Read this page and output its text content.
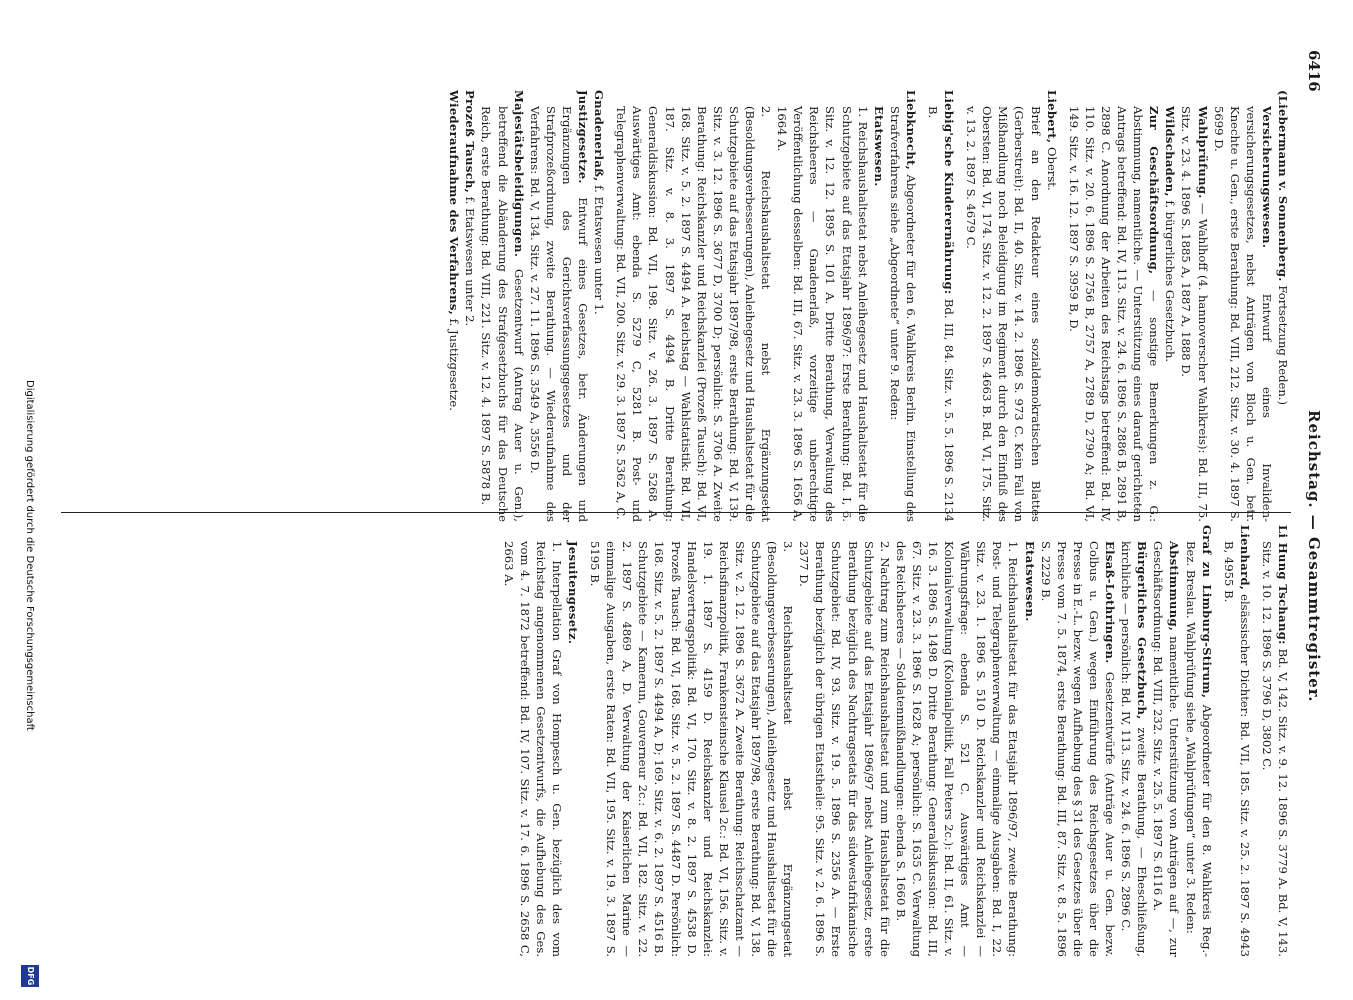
6416
Reichstag. — Gesammtregister.

(Liebermann v. Sonnenberg. Fortsetzung Reden.)

Versicherungswesen. Entwurf eines Invaliden- versicherungsgesetzes, nebst Anträgen von Bloch u. Gen. betr. Knechte u. Gen., erste Berathung: Bd. VIII, 212. Sitz. v. 30. 4. 1897 S. 5699 D.

Wahlprüfung. — Wahlhoff (4. hannoverscher Wahlkreis): Bd. III, 75. Sitz. v. 23. 4. 1896 S. 1885 A, 1887 A, 1888 D.

Wildschaden, f. bürgerliches Gesetzbuch.

Zur Geschäftsordnung, — sonstige Bemerkungen z. G.: Abstimmung, namentliche. — Unterstützung eines darauf gerichteten Antrags betreffend: Bd. IV, 113. Sitz. v. 24. 6. 1896 S. 2886 B, 2891 B, 2898 C. Anordnung der Arbeiten des Reichstags betreffend: Bd. IV, 110. Sitz. v. 20. 6. 1896 S. 2756 B, 2757 A, 2789 D, 2790 A; Bd. VI, 149. Sitz. v. 16. 12. 1897 S. 3959 B, D.

Liebert, Oberst.

Brief an den Redakteur eines sozialdemokratischen Blattes (Gerberstreit): Bd. II, 40. Sitz. v. 14. 2. 1896 S. 973 C. Kein Fall von Mißhandlung noch Beleidigung im Regiment durch den Einfluß des Obersten: Bd. VI, 174. Sitz. v. 12. 2. 1897 S. 4663 B. Bd. VI, 175. Sitz. v. 13. 2. 1897 S. 4679 C.

Liebig'sche Kinderernährung: Bd. III, 84. Sitz. v. 5. 5. 1896 S. 2134 B.

Liebknecht, Abgeordneter für den 6. Wahlkreis Berlin. Einstellung des Strafverfahrens siehe „Abgeordnete“ unter 9. Reden:

Etatswesen.

1. Reichshaushaltsetat nebst Anleihegesetz und Haushaltsetat für die Schutzgebiete auf das Etatsjahr 1896/97: Erste Berathung: Bd. I, 6. Sitz. v. 12. 12. 1895 S. 101 A. Dritte Berathung, Verwaltung des Reichsheeres — Gnadenerlaß, vorzeitige unberechtigte Veröffentlichung desselben: Bd. III, 67. Sitz. v. 23. 3. 1896 S. 1656 A, 1664 A.

2. Reichshaushaltsetat nebst Ergänzungsetat (Besoldungsverbesserungen), Anleihegesetz und Haushaltsetat für die Schutzgebiete auf das Etatsjahr 1897/98, erste Berathung: Bd. V, 139. Sitz. v. 3. 12. 1896 S. 3677 D, 3700 D; persönlich: S. 3706 A. Zweite Berathung: Reichskanzler und Reichskanzlei (Prozeß Tausch): Bd. VI, 168. Sitz. v. 5. 2. 1897 S. 4494 A. Reichstag — Wahlstatistik: Bd. VII, 187. Sitz. v. 8. 3. 1897 S. 4494 B. Dritte Berathung: Generaldiskussion: Bd. VII, 198. Sitz. v. 26. 3. 1897 S. 5268 A. Auswärtiges Amt: ebenda S. 5279 C, 5281 B. Post- und Telegraphenverwaltung: Bd. VII, 200. Sitz. v. 29. 3. 1897 S. 5362 A, C.

Gnadenerlaß, f. Etatswesen unter 1.

Justizgesetze. Entwurf eines Gesetzes, betr. Änderungen und Ergänzungen des Gerichtsverfassungsgesetzes und der Strafprozeßordnung, zweite Berathung. — Wiederaufnahme des Verfahrens: Bd. V, 134. Sitz. v. 27. 11. 1896 S. 3549 A, 3556 D.

Majestätsbeleidigungen. Gesetzentwurf (Antrag Auer u. Gen.), betreffend die Abänderung des Strafgesetzbuchs für das Deutsche Reich, erste Berathung: Bd. VIII, 221. Sitz. v. 12. 4. 1897 S. 5878 B.

Prozeß Tausch, f. Etatswesen unter 2.

Wiederaufnahme des Verfahrens, f. Justizgesetze.

Li Hung Tschang: Bd. V, 142. Sitz. v. 9. 12. 1896 S. 3779 A. Bd. V, 143. Sitz. v. 10. 12. 1896 S. 3796 D, 3802 C.

Lienhard, elsässischer Dichter: Bd. VII, 185. Sitz. v. 25. 2. 1897 S. 4943 B, 4955 B.

Graf zu Limburg-Stirum, Abgeordneter für den 8. Wahlkreis Reg.-Bez. Breslau. Wahlprüfung siehe „Wahlprüfungen“ unter 3. Reden:

Abstimmung, namentliche. Unterstützung von Anträgen auf —, zur Geschäftsordnung: Bd. VIII, 232. Sitz. v. 25. 5. 1897 S. 6116 A.

Bürgerliches Gesetzbuch, zweite Berathung, — Eheschließung, kirchliche — persönlich: Bd. IV, 113. Sitz. v. 24. 6. 1896 S. 2896 C.

Elsaß-Lothringen. Gesetzentwürfe (Anträge Auer u. Gen. bezw. Colbus u. Gen.) wegen Einführung des Reichsgesetzes über die Presse in E.-L. bezw. wegen Aufhebung des § 31 des Gesetzes über die Presse vom 7. 5. 1874, erste Berathung: Bd. III, 87. Sitz. v. 8. 5. 1896 S. 2229 B.

Etatswesen.

1. Reichshaushaltsetat für das Etatsjahr 1896/97, zweite Berathung: Post- und Telegraphenverwaltung — einmalige Ausgaben: Bd. I, 22. Sitz. v. 23. 1. 1896 S. 510 D. Reichskanzler und Reichskanzlei — Währungsfrage: ebenda S. 521 C. Auswärtiges Amt — Kolonialverwaltung (Kolonialpolitik, Fall Peters 2c.): Bd. II, 61. Sitz. v. 16. 3. 1896 S. 1498 D. Dritte Berathung: Generaldiskussion: Bd. III, 67. Sitz. v. 23. 3. 1896 S. 1628 A; persönlich: S. 1635 C. Verwaltung des Reichsheeres — Soldatenmißhandlungen: ebenda S. 1660 B.

2. Nachtrag zum Reichshaushaltsetat und zum Haushaltsetat für die Schutzgebiete auf das Etatsjahr 1896/97 nebst Anleihegesetz, erste Berathung bezüglich des Nachtragsetats für das südwestafrikanische Schutzgebiet: Bd. IV, 93. Sitz. v. 19. 5. 1896 S. 2356 A. — Erste Berathung bezüglich der übrigen Etatstheile: 95. Sitz. v. 2. 6. 1896 S. 2377 D.

3. Reichshaushaltsetat nebst Ergänzungsetat (Besoldungsverbesserungen), Anleihegesetz und Haushaltsetat für die Schutzgebiete auf das Etatsjahr 1897/98, erste Berathung: Bd. V, 138. Sitz. v. 2. 12. 1896 S. 3672 A. Zweite Berathung: Reichsschatzamt — Reichsfinanzpolitik, Frankensteinsche Klausel 2c.: Bd. VI, 156. Sitz. v. 19. 1. 1897 S. 4159 D. Reichskanzler und Reichskanzlei: Handelsvertragspolitik: Bd. VI, 170. Sitz. v. 8. 2. 1897 S. 4538 D. Prozeß Tausch: Bd. VI, 168. Sitz. v. 5. 2. 1897 S. 4487 D. Persönlich: 168. Sitz. v. 5. 2. 1897 S. 4494 A, D; 169. Sitz. v. 6. 2. 1897 S. 4516 B. Schutzgebiete — Kamerun, Gouverneur 2c.: Bd. VII, 182. Sitz. v. 22. 2. 1897 S. 4869 A, D. Verwaltung der Kaiserlichen Marine — einmalige Ausgaben, erste Raten: Bd. VII, 195. Sitz. v. 19. 3. 1897 S. 5195 B.

Jesuitengesetz.

1. Interpellation Graf von Hompesch u. Gen. bezüglich des vom Reichstag angenommenen Gesetzentwurfs, die Aufhebung des Ges. vom 4. 7. 1872 betreffend: Bd. IV, 107. Sitz. v. 17. 6. 1896 S. 2658 C, 2663 A.

Digitalisierung gefördert durch die Deutsche Forschungsgemeinschaft
DFG
